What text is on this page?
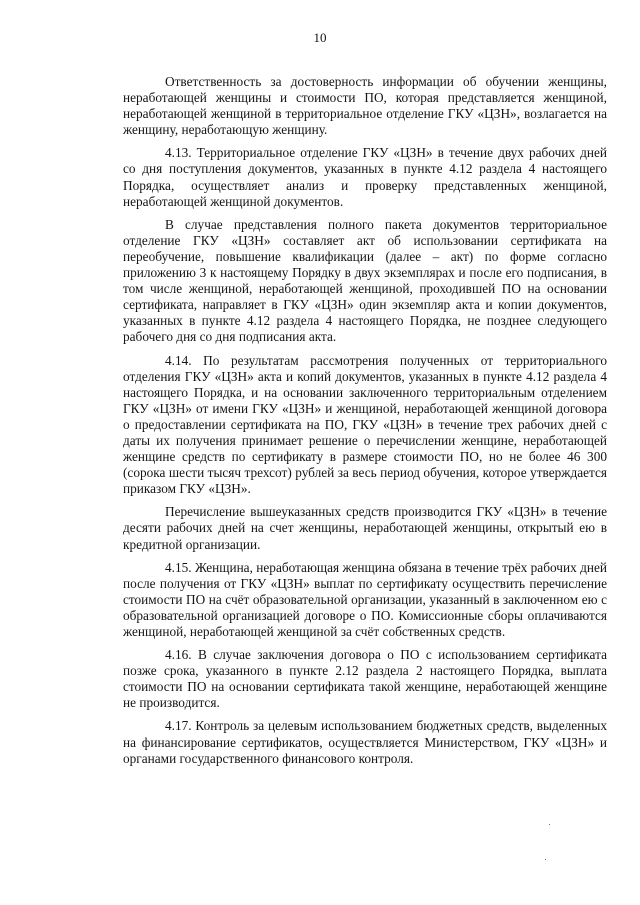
10

Ответственность за достоверность информации об обучении женщины, неработающей женщины и стоимости ПО, которая представляется женщиной, неработающей женщиной в территориальное отделение ГКУ «ЦЗН», возлагается на женщину, неработающую женщину.

4.13. Территориальное отделение ГКУ «ЦЗН» в течение двух рабочих дней со дня поступления документов, указанных в пункте 4.12 раздела 4 настоящего Порядка, осуществляет анализ и проверку представленных женщиной, неработающей женщиной документов.

В случае представления полного пакета документов территориальное отделение ГКУ «ЦЗН» составляет акт об использовании сертификата на переобучение, повышение квалификации (далее – акт) по форме согласно приложению 3 к настоящему Порядку в двух экземплярах и после его подписания, в том числе женщиной, неработающей женщиной, проходившей ПО на основании сертификата, направляет в ГКУ «ЦЗН» один экземпляр акта и копии документов, указанных в пункте 4.12 раздела 4 настоящего Порядка, не позднее следующего рабочего дня со дня подписания акта.

4.14. По результатам рассмотрения полученных от территориального отделения ГКУ «ЦЗН» акта и копий документов, указанных в пункте 4.12 раздела 4 настоящего Порядка, и на основании заключенного территориальным отделением ГКУ «ЦЗН» от имени ГКУ «ЦЗН» и женщиной, неработающей женщиной договора о предоставлении сертификата на ПО, ГКУ «ЦЗН» в течение трех рабочих дней с даты их получения принимает решение о перечислении женщине, неработающей женщине средств по сертификату в размере стоимости ПО, но не более 46 300 (сорока шести тысяч трехсот) рублей за весь период обучения, которое утверждается приказом ГКУ «ЦЗН».

Перечисление вышеуказанных средств производится ГКУ «ЦЗН» в течение десяти рабочих дней на счет женщины, неработающей женщины, открытый ею в кредитной организации.

4.15. Женщина, неработающая женщина обязана в течение трёх рабочих дней после получения от ГКУ «ЦЗН» выплат по сертификату осуществить перечисление стоимости ПО на счёт образовательной организации, указанный в заключенном ею с образовательной организацией договоре о ПО. Комиссионные сборы оплачиваются женщиной, неработающей женщиной за счёт собственных средств.

4.16. В случае заключения договора о ПО с использованием сертификата позже срока, указанного в пункте 2.12 раздела 2 настоящего Порядка, выплата стоимости ПО на основании сертификата такой женщине, неработающей женщине не производится.

4.17. Контроль за целевым использованием бюджетных средств, выделенных на финансирование сертификатов, осуществляется Министерством, ГКУ «ЦЗН» и органами государственного финансового контроля.
